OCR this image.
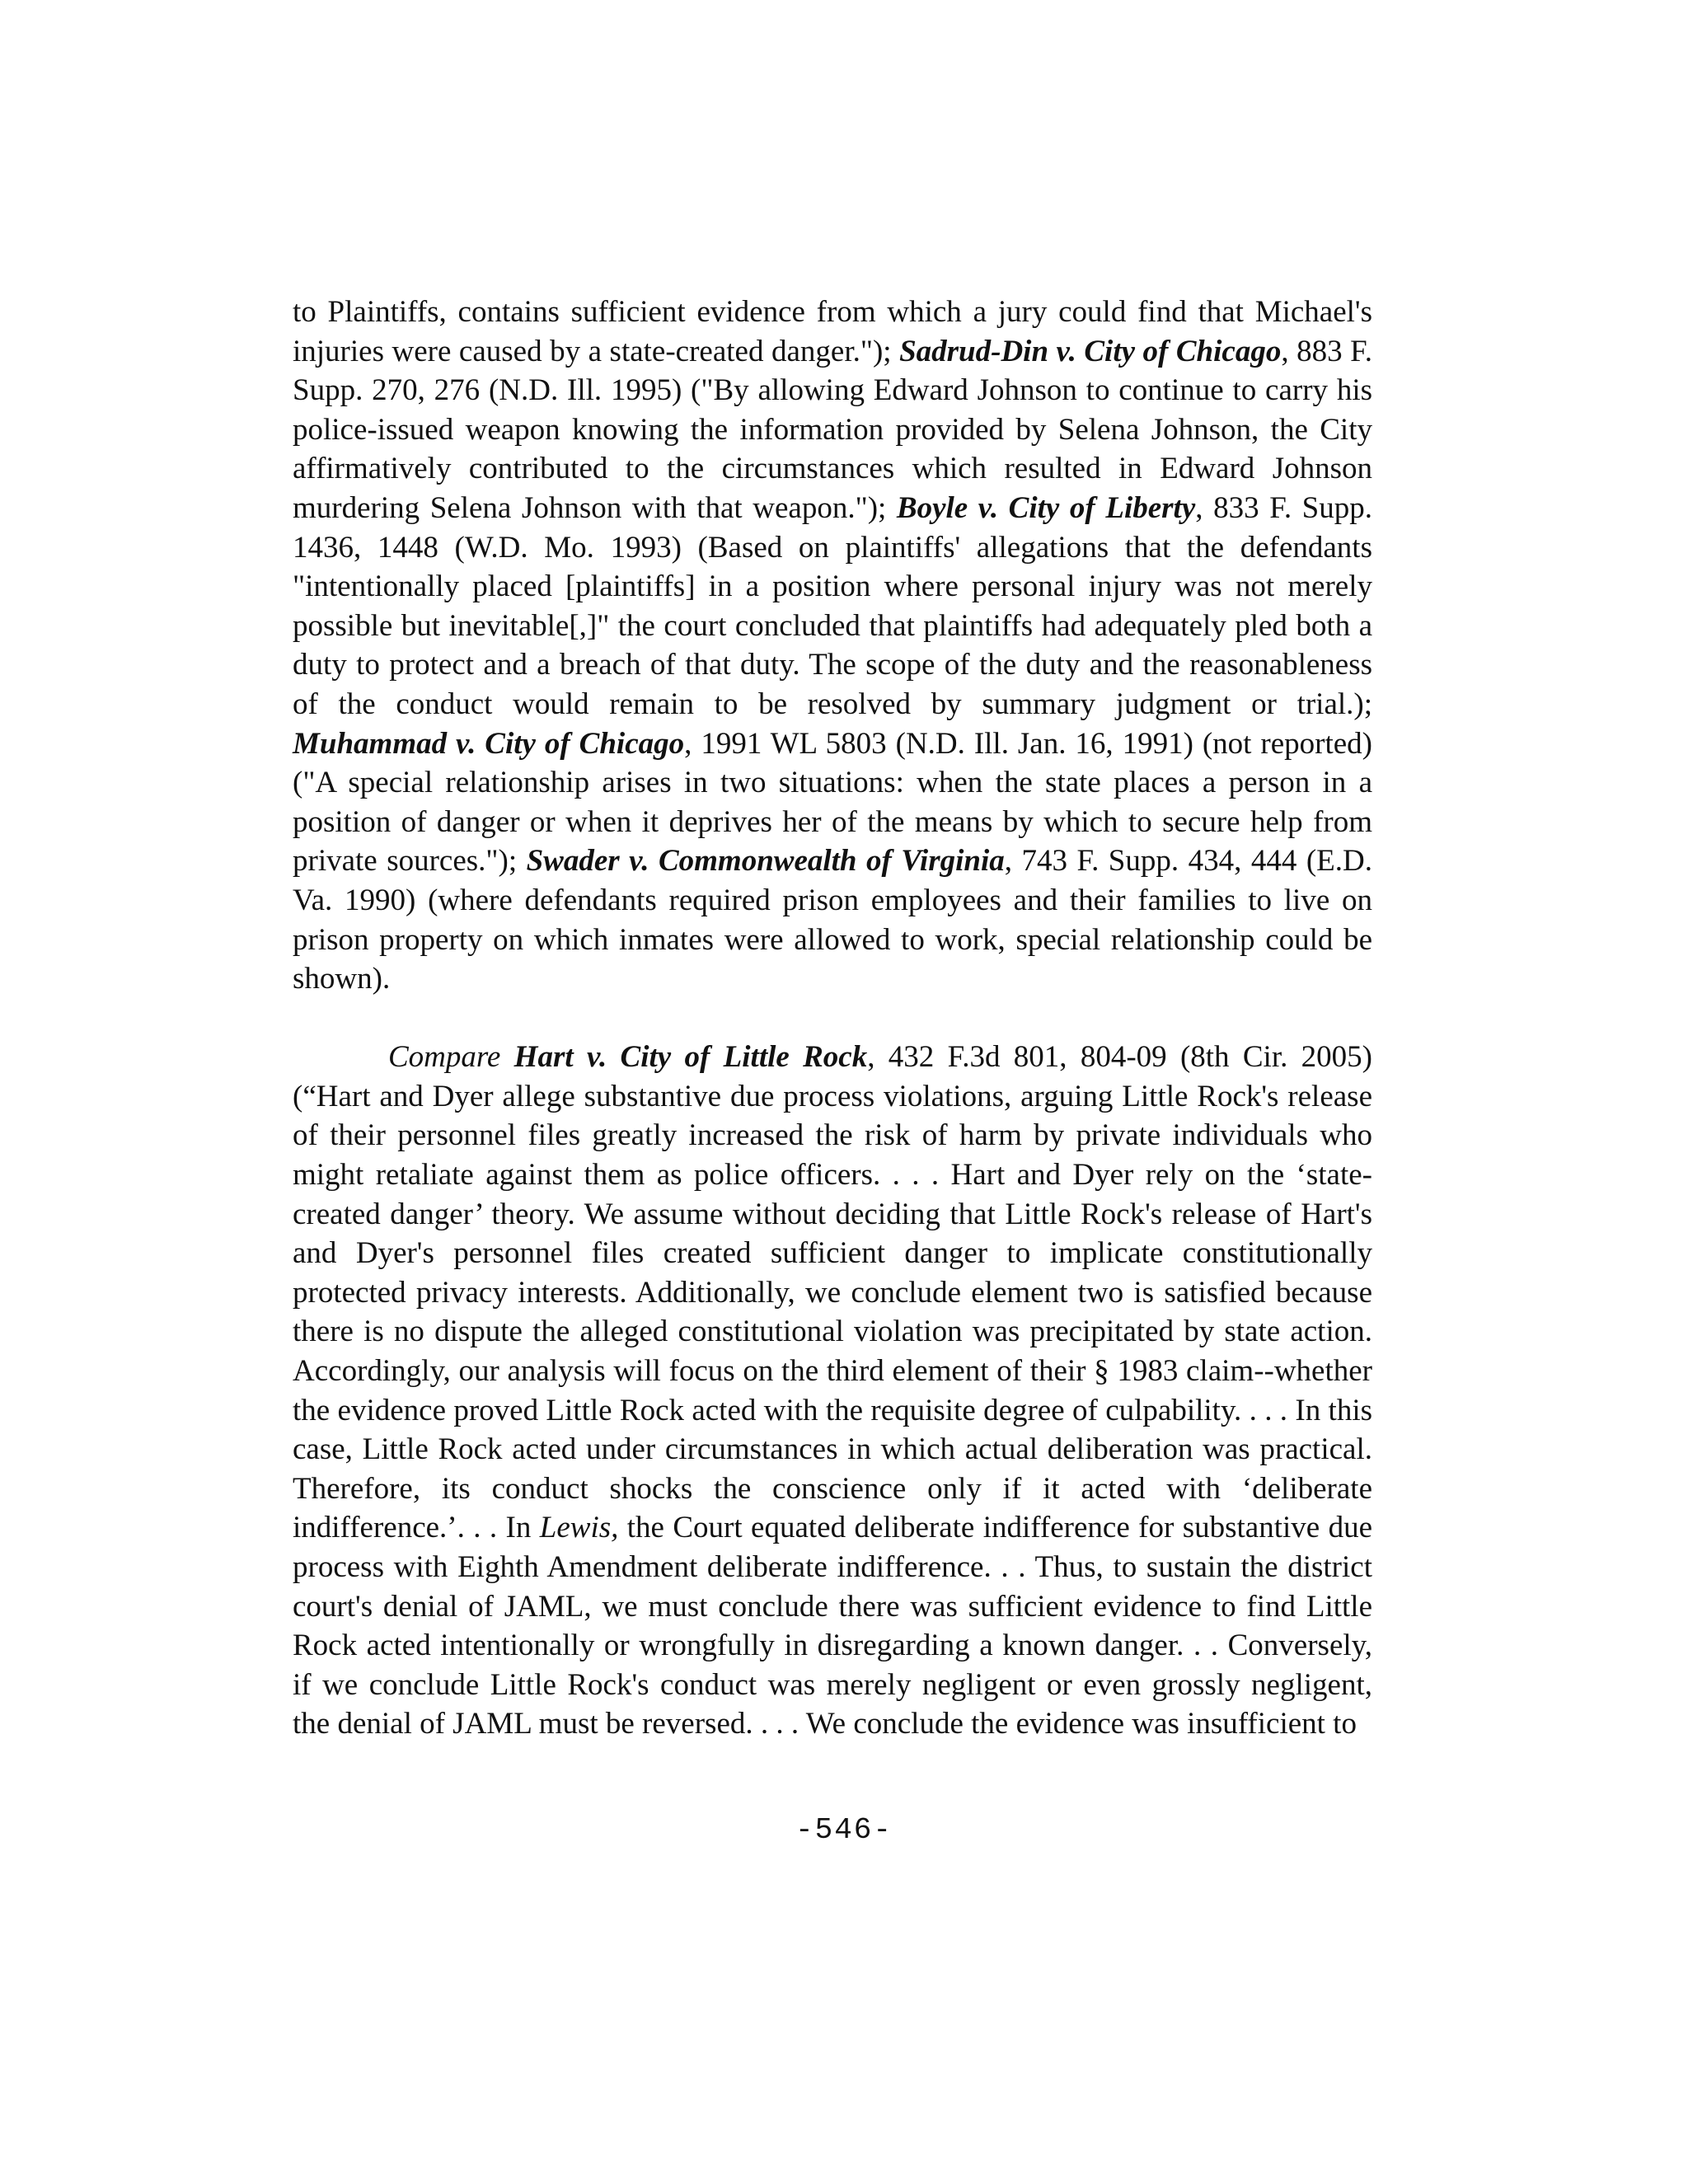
to Plaintiffs, contains sufficient evidence from which a jury could find that Michael's injuries were caused by a state-created danger."); Sadrud-Din v. City of Chicago, 883 F. Supp. 270, 276 (N.D. Ill. 1995) ("By allowing Edward Johnson to continue to carry his police-issued weapon knowing the information provided by Selena Johnson, the City affirmatively contributed to the circumstances which resulted in Edward Johnson murdering Selena Johnson with that weapon."); Boyle v. City of Liberty, 833 F. Supp. 1436, 1448 (W.D. Mo. 1993) (Based on plaintiffs' allegations that the defendants "intentionally placed [plaintiffs] in a position where personal injury was not merely possible but inevitable[,]" the court concluded that plaintiffs had adequately pled both a duty to protect and a breach of that duty. The scope of the duty and the reasonableness of the conduct would remain to be resolved by summary judgment or trial.); Muhammad v. City of Chicago, 1991 WL 5803 (N.D. Ill. Jan. 16, 1991) (not reported) ("A special relationship arises in two situations: when the state places a person in a position of danger or when it deprives her of the means by which to secure help from private sources."); Swader v. Commonwealth of Virginia, 743 F. Supp. 434, 444 (E.D. Va. 1990) (where defendants required prison employees and their families to live on prison property on which inmates were allowed to work, special relationship could be shown).

Compare Hart v. City of Little Rock, 432 F.3d 801, 804-09 (8th Cir. 2005) (“Hart and Dyer allege substantive due process violations, arguing Little Rock's release of their personnel files greatly increased the risk of harm by private individuals who might retaliate against them as police officers. . . . Hart and Dyer rely on the ‘state-created danger’ theory. We assume without deciding that Little Rock's release of Hart's and Dyer's personnel files created sufficient danger to implicate constitutionally protected privacy interests. Additionally, we conclude element two is satisfied because there is no dispute the alleged constitutional violation was precipitated by state action. Accordingly, our analysis will focus on the third element of their § 1983 claim--whether the evidence proved Little Rock acted with the requisite degree of culpability. . . . In this case, Little Rock acted under circumstances in which actual deliberation was practical. Therefore, its conduct shocks the conscience only if it acted with ‘deliberate indifference.’. . . In Lewis, the Court equated deliberate indifference for substantive due process with Eighth Amendment deliberate indifference. . . Thus, to sustain the district court's denial of JAML, we must conclude there was sufficient evidence to find Little Rock acted intentionally or wrongfully in disregarding a known danger. . . Conversely, if we conclude Little Rock's conduct was merely negligent or even grossly negligent, the denial of JAML must be reversed. . . . We conclude the evidence was insufficient to

-546-
